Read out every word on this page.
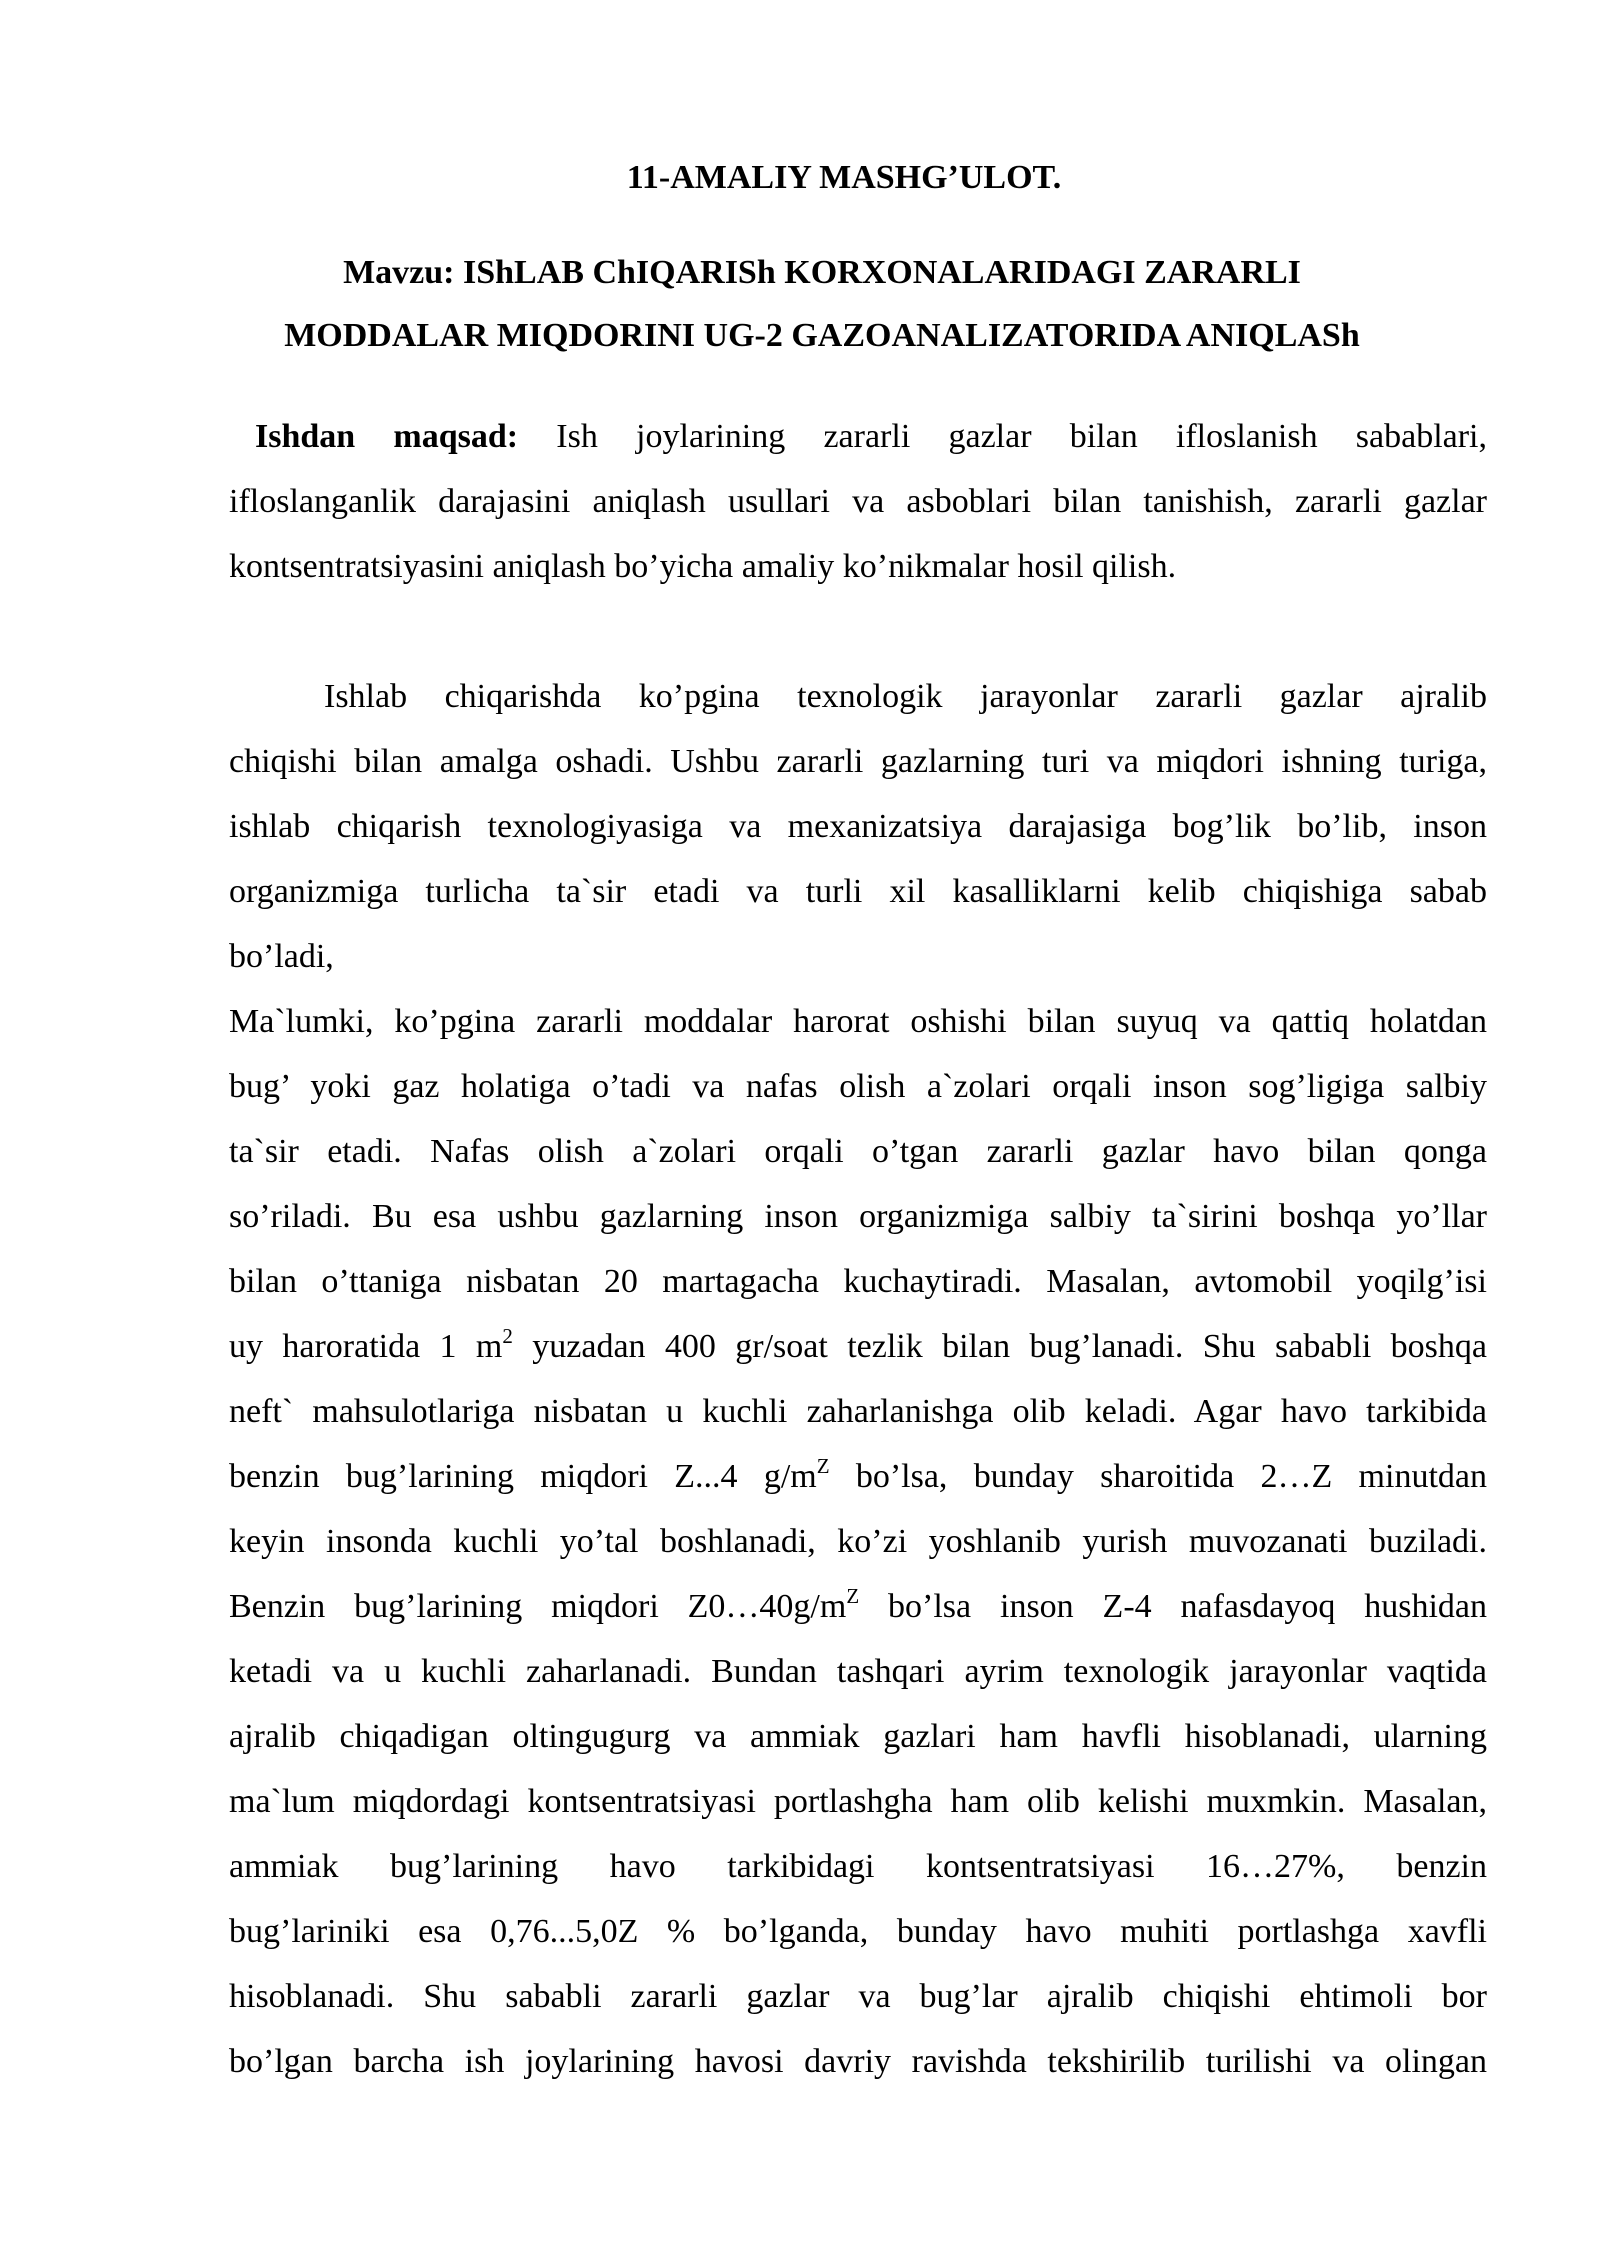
11-AMALIY MASHG’ULOT.
Mavzu: IShLAB ChIQARISh KORXONALARIDAGI ZARARLI
MODDALAR MIQDORINI UG-2 GAZOANALIZATORIDA ANIQLASh
Ishdan maqsad: Ish joylarining zararli gazlar bilan ifloslanish sabablari,
ifloslanganlik darajasini aniqlash usullari va asboblari bilan tanishish, zararli gazlar
kontsentratsiyasini aniqlash bo’yicha amaliy ko’nikmalar hosil qilish.
Ishlab chiqarishda ko’pgina texnologik jarayonlar zararli gazlar ajralib
chiqishi bilan amalga oshadi. Ushbu zararli gazlarning turi va miqdori ishning turiga,
ishlab chiqarish texnologiyasiga va mexanizatsiya darajasiga bog’lik bo’lib, inson
organizmiga turlicha ta`sir etadi va turli xil kasalliklarni kelib chiqishiga sabab
bo’ladi,
Ma`lumki, ko’pgina zararli moddalar harorat oshishi bilan suyuq va qattiq holatdan
bug’ yoki gaz holatiga o’tadi va nafas olish a`zolari orqali inson sog’ligiga salbiy
ta`sir etadi. Nafas olish a`zolari orqali o’tgan zararli gazlar havo bilan qonga
so’riladi. Bu esa ushbu gazlarning inson organizmiga salbiy ta`sirini boshqa yo’llar
bilan o’ttaniga nisbatan 20 martagacha kuchaytiradi. Masalan, avtomobil yoqilg’isi
uy haroratida 1 $m^2$ yuzadan 400 gr/soat tezlik bilan bug’lanadi. Shu sababli boshqa
neft` mahsulotlariga nisbatan u kuchli zaharlanishga olib keladi. Agar havo tarkibida
benzin bug’larining miqdori Z...4 $g/m^Z$ bo’lsa, bunday sharoitida 2…Z minutdan
keyin insonda kuchli yo’tal boshlanadi, ko’zi yoshlanib yurish muvozanati buziladi.
Benzin bug’larining miqdori $Z0\dots 40g/m^Z$ bo’lsa inson Z-4 nafasdayoq hushidan
ketadi va u kuchli zaharlanadi. Bundan tashqari ayrim texnologik jarayonlar vaqtida
ajralib chiqadigan oltingugurg va ammiak gazlari ham havfli hisoblanadi, ularning
ma`lum miqdordagi kontsentratsiyasi portlashgha ham olib kelishi muxmkin. Masalan,
ammiak bug’larining havo tarkibidagi kontsentratsiyasi 16…27%, benzin
bug’lariniki esa 0,76...5,0Z % bo’lganda, bunday havo muhiti portlashga xavfli
hisoblanadi. Shu sababli zararli gazlar va bug’lar ajralib chiqishi ehtimoli bor
bo’lgan barcha ish joylarining havosi davriy ravishda tekshirilib turilishi va olingan
